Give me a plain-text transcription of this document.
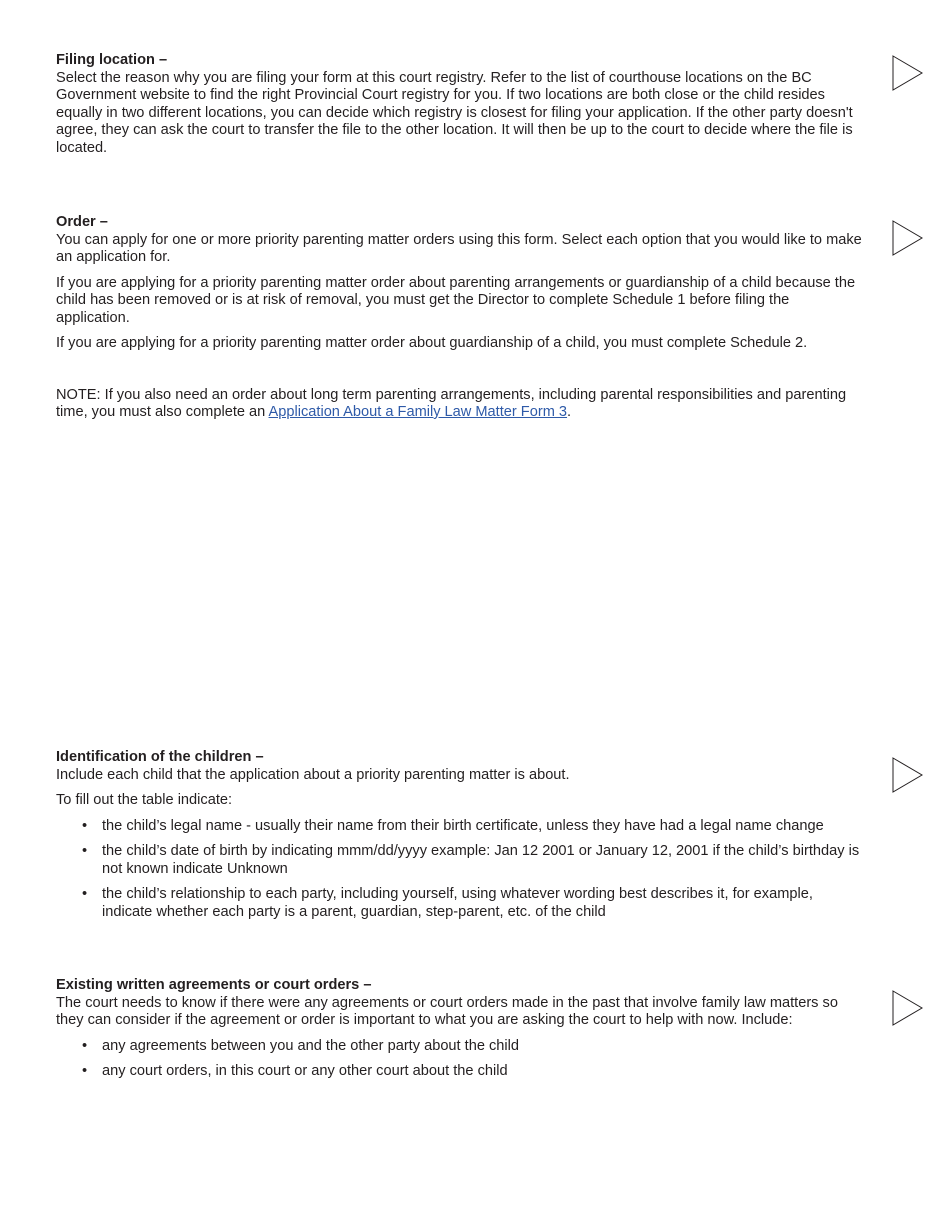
Filing location –

Select the reason why you are filing your form at this court registry. Refer to the list of courthouse locations on the BC Government website to find the right Provincial Court registry for you. If two locations are both close or the child resides equally in two different locations, you can decide which registry is closest for filing your application. If the other party doesn't agree, they can ask the court to transfer the file to the other location. It will then be up to the court to decide where the file is located.

Order –

You can apply for one or more priority parenting matter orders using this form. Select each option that you would like to make an application for.

If you are applying for a priority parenting matter order about parenting arrangements or guardianship of a child because the child has been removed or is at risk of removal, you must get the Director to complete Schedule 1 before filing the application.

If you are applying for a priority parenting matter order about guardianship of a child, you must complete Schedule 2.

NOTE: If you also need an order about long term parenting arrangements, including parental responsibilities and parenting time, you must also complete an Application About a Family Law Matter Form 3.

Identification of the children –

Include each child that the application about a priority parenting matter is about.

To fill out the table indicate:

• the child’s legal name - usually their name from their birth certificate, unless they have had a legal name change
• the child’s date of birth by indicating mmm/dd/yyyy example: Jan 12 2001 or January 12, 2001 if the child’s birthday is not known indicate Unknown
• the child’s relationship to each party, including yourself, using whatever wording best describes it, for example, indicate whether each party is a parent, guardian, step-parent, etc. of the child

Existing written agreements or court orders –

The court needs to know if there were any agreements or court orders made in the past that involve family law matters so they can consider if the agreement or order is important to what you are asking the court to help with now. Include:

• any agreements between you and the other party about the child
• any court orders, in this court or any other court about the child
